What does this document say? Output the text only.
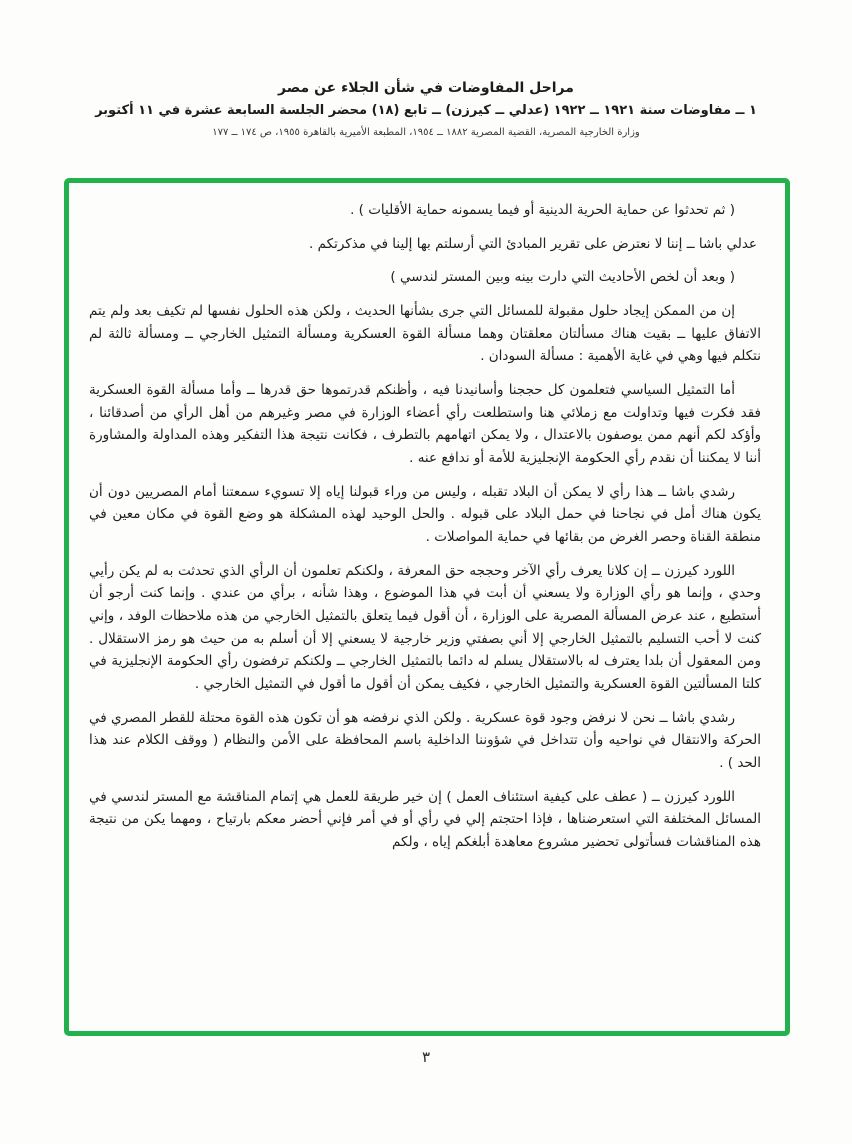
مراحل المفاوضات في شأن الجلاء عن مصر
١ ــ مفاوضات سنة ١٩٢١ ــ ١٩٢٢ (عدلي ــ كيرزن) ــ تابع (١٨) محضر الجلسة السابعة عشرة في ١١ أكتوبر
وزارة الخارجية المصرية، القضية المصرية ١٨٨٢ ــ ١٩٥٤، المطبعة الأميرية بالقاهرة ١٩٥٥، ص ١٧٤ ــ ١٧٧

( ثم تحدثوا عن حماية الحرية الدينية أو فيما يسمونه حماية الأقليات ) .

عدلي باشا ــ إننا لا نعترض على تقرير المبادئ التي أرسلتم بها إلينا في مذكرتكم .

( وبعد أن لخص الأحاديث التي دارت بينه وبين المستر لندسي )

إن من الممكن إيجاد حلول مقبولة للمسائل التي جرى بشأنها الحديث ، ولكن هذه الحلول نفسها لم تكيف بعد ولم يتم الاتفاق عليها ــ بقيت هناك مسألتان معلقتان وهما مسألة القوة العسكرية ومسألة التمثيل الخارجي ــ ومسألة ثالثة لم نتكلم فيها وهي في غاية الأهمية : مسألة السودان .

أما التمثيل السياسي فتعلمون كل حججنا وأسانيدنا فيه ، وأظنكم قدرتموها حق قدرها ــ وأما مسألة القوة العسكرية فقد فكرت فيها وتداولت مع زملائي هنا واستطلعت رأي أعضاء الوزارة في مصر وغيرهم من أهل الرأي من أصدقائنا ، وأؤكد لكم أنهم ممن يوصفون بالاعتدال ، ولا يمكن اتهامهم بالتطرف ، فكانت نتيجة هذا التفكير وهذه المداولة والمشاورة أننا لا يمكننا أن نقدم رأي الحكومة الإنجليزية للأمة أو ندافع عنه .

رشدي باشا ــ هذا رأي لا يمكن أن البلاد تقبله ، وليس من وراء قبولنا إياه إلا تسويء سمعتنا أمام المصريين دون أن يكون هناك أمل في نجاحنا في حمل البلاد على قبوله . والحل الوحيد لهذه المشكلة هو وضع القوة في مكان معين في منطقة القناة وحصر الغرض من بقائها في حماية المواصلات .

اللورد كيرزن ــ إن كلانا يعرف رأي الآخر وحججه حق المعرفة ، ولكنكم تعلمون أن الرأي الذي تحدثت به لم يكن رأيي وحدي ، وإنما هو رأي الوزارة ولا يسعني أن أبت في هذا الموضوع ، وهذا شأنه ، برأي من عندي . وإنما كنت أرجو أن أستطيع ، عند عرض المسألة المصرية على الوزارة ، أن أقول فيما يتعلق بالتمثيل الخارجي من هذه ملاحظات الوفد ، وإني كنت لا أحب التسليم بالتمثيل الخارجي إلا أني بصفتي وزير خارجية لا يسعني إلا أن أسلم به من حيث هو رمز الاستقلال . ومن المعقول أن بلدا يعترف له بالاستقلال يسلم له دائما بالتمثيل الخارجي ــ ولكنكم ترفضون رأي الحكومة الإنجليزية في كلتا المسألتين القوة العسكرية والتمثيل الخارجي ، فكيف يمكن أن أقول ما أقول في التمثيل الخارجي .

رشدي باشا ــ نحن لا نرفض وجود قوة عسكرية . ولكن الذي نرفضه هو أن تكون هذه القوة محتلة للقطر المصري في الحركة والانتقال في نواحيه وأن تتداخل في شؤوننا الداخلية باسم المحافظة على الأمن والنظام ( ووقف الكلام عند هذا الحد ) .

اللورد كيرزن ــ ( عطف على كيفية استئناف العمل ) إن خير طريقة للعمل هي إتمام المناقشة مع المستر لندسي في المسائل المختلفة التي استعرضناها ، فإذا احتجتم إلي في رأي أو في أمر فإني أحضر معكم بارتياح ، ومهما يكن من نتيجة هذه المناقشات فسأتولى تحضير مشروع معاهدة أبلغكم إياه ، ولكم

٣
